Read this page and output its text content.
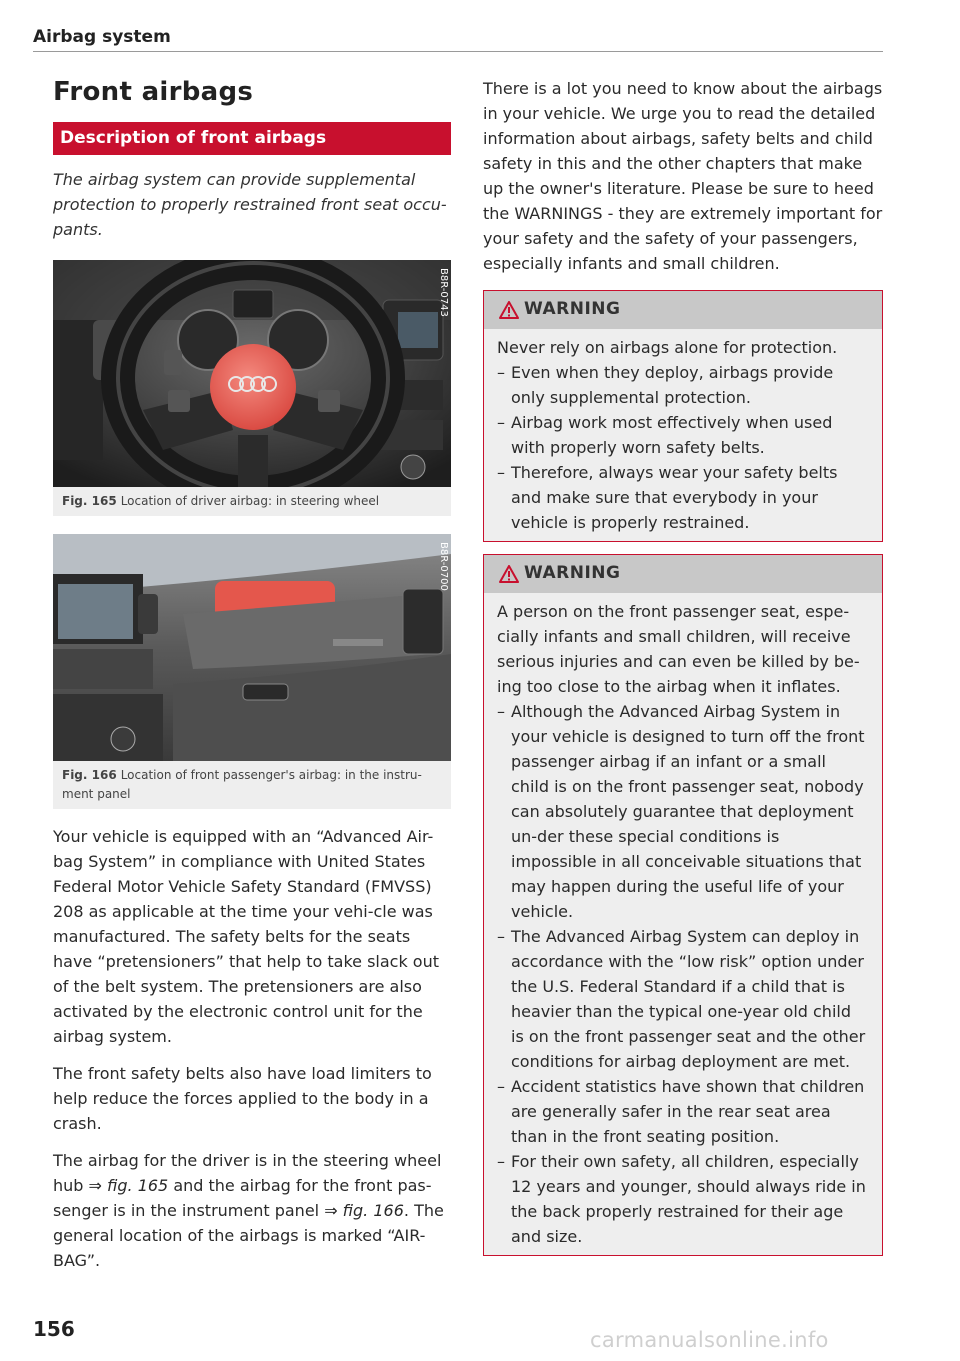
Airbag system
Front airbags
Description of front airbags
The airbag system can provide supplemental protection to properly restrained front seat occu-pants.
B8R-0743
Fig. 165 Location of driver airbag: in steering wheel
B8R-0700
Fig. 166 Location of front passenger's airbag: in the instru-ment panel

Your vehicle is equipped with an “Advanced Air-bag System” in compliance with United States Federal Motor Vehicle Safety Standard (FMVSS) 208 as applicable at the time your vehi-cle was manufactured. The safety belts for the seats have “pretensioners” that help to take slack out of the belt system. The pretensioners are also activated by the electronic control unit for the airbag system.

The front safety belts also have load limiters to help reduce the forces applied to the body in a crash.

The airbag for the driver is in the steering wheel hub ⇒ fig. 165 and the airbag for the front pas-senger is in the instrument panel ⇒ fig. 166. The general location of the airbags is marked “AIR-BAG”.

There is a lot you need to know about the airbags in your vehicle. We urge you to read the detailed information about airbags, safety belts and child safety in this and the other chapters that make up the owner's literature. Please be sure to heed the WARNINGS - they are extremely important for your safety and the safety of your passengers, especially infants and small children.

WARNING
Never rely on airbags alone for protection.
– Even when they deploy, airbags provide only supplemental protection.
– Airbag work most effectively when used with properly worn safety belts.
– Therefore, always wear your safety belts and make sure that everybody in your vehicle is properly restrained.
WARNING
A person on the front passenger seat, espe-cially infants and small children, will receive serious injuries and can even be killed by be-ing too close to the airbag when it inflates.
– Although the Advanced Airbag System in your vehicle is designed to turn off the front passenger airbag if an infant or a small child is on the front passenger seat, nobody can absolutely guarantee that deployment un-der these special conditions is impossible in all conceivable situations that may happen during the useful life of your vehicle.
– The Advanced Airbag System can deploy in accordance with the “low risk” option under the U.S. Federal Standard if a child that is heavier than the typical one-year old child is on the front passenger seat and the other conditions for airbag deployment are met.
– Accident statistics have shown that children are generally safer in the rear seat area than in the front seating position.
– For their own safety, all children, especially 12 years and younger, should always ride in the back properly restrained for their age and size.
156	carmanualsonline.info
